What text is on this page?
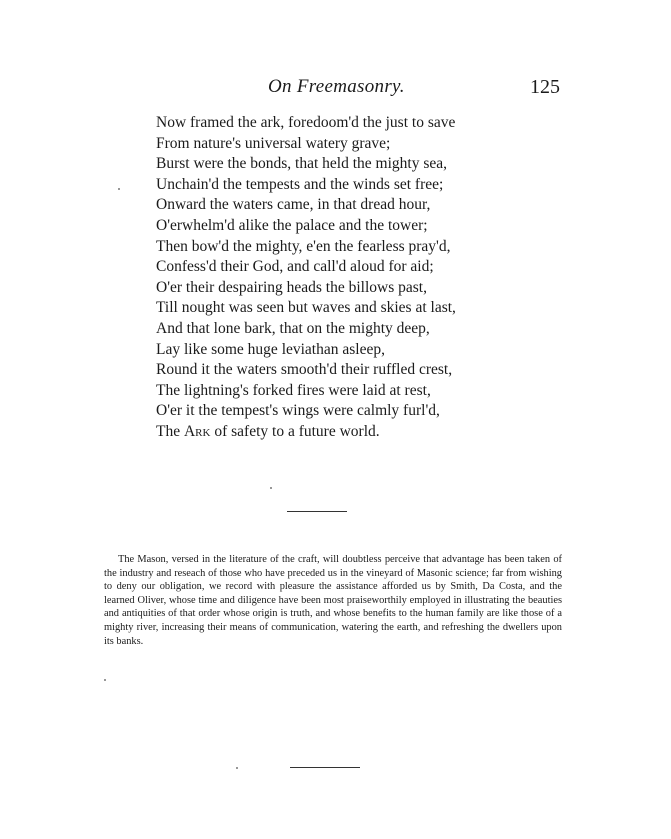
On Freemasonry.	125
Now framed the ark, foredoom'd the just to save
From nature's universal watery grave;
Burst were the bonds, that held the mighty sea,
Unchain'd the tempests and the winds set free;
Onward the waters came, in that dread hour,
O'erwhelm'd alike the palace and the tower;
Then bow'd the mighty, e'en the fearless pray'd,
Confess'd their God, and call'd aloud for aid;
O'er their despairing heads the billows past,
Till nought was seen but waves and skies at last,
And that lone bark, that on the mighty deep,
Lay like some huge leviathan asleep,
Round it the waters smooth'd their ruffled crest,
The lightning's forked fires were laid at rest,
O'er it the tempest's wings were calmly furl'd,
The Ark of safety to a future world.
The Mason, versed in the literature of the craft, will doubtless perceive that advantage has been taken of the industry and reseach of those who have preceded us in the vineyard of Masonic science; far from wishing to deny our obligation, we record with pleasure the assistance afforded us by Smith, Da Costa, and the learned Oliver, whose time and diligence have been most praiseworthily employed in illustrating the beauties and antiquities of that order whose origin is truth, and whose benefits to the human family are like those of a mighty river, increasing their means of communication, watering the earth, and refreshing the dwellers upon its banks.
